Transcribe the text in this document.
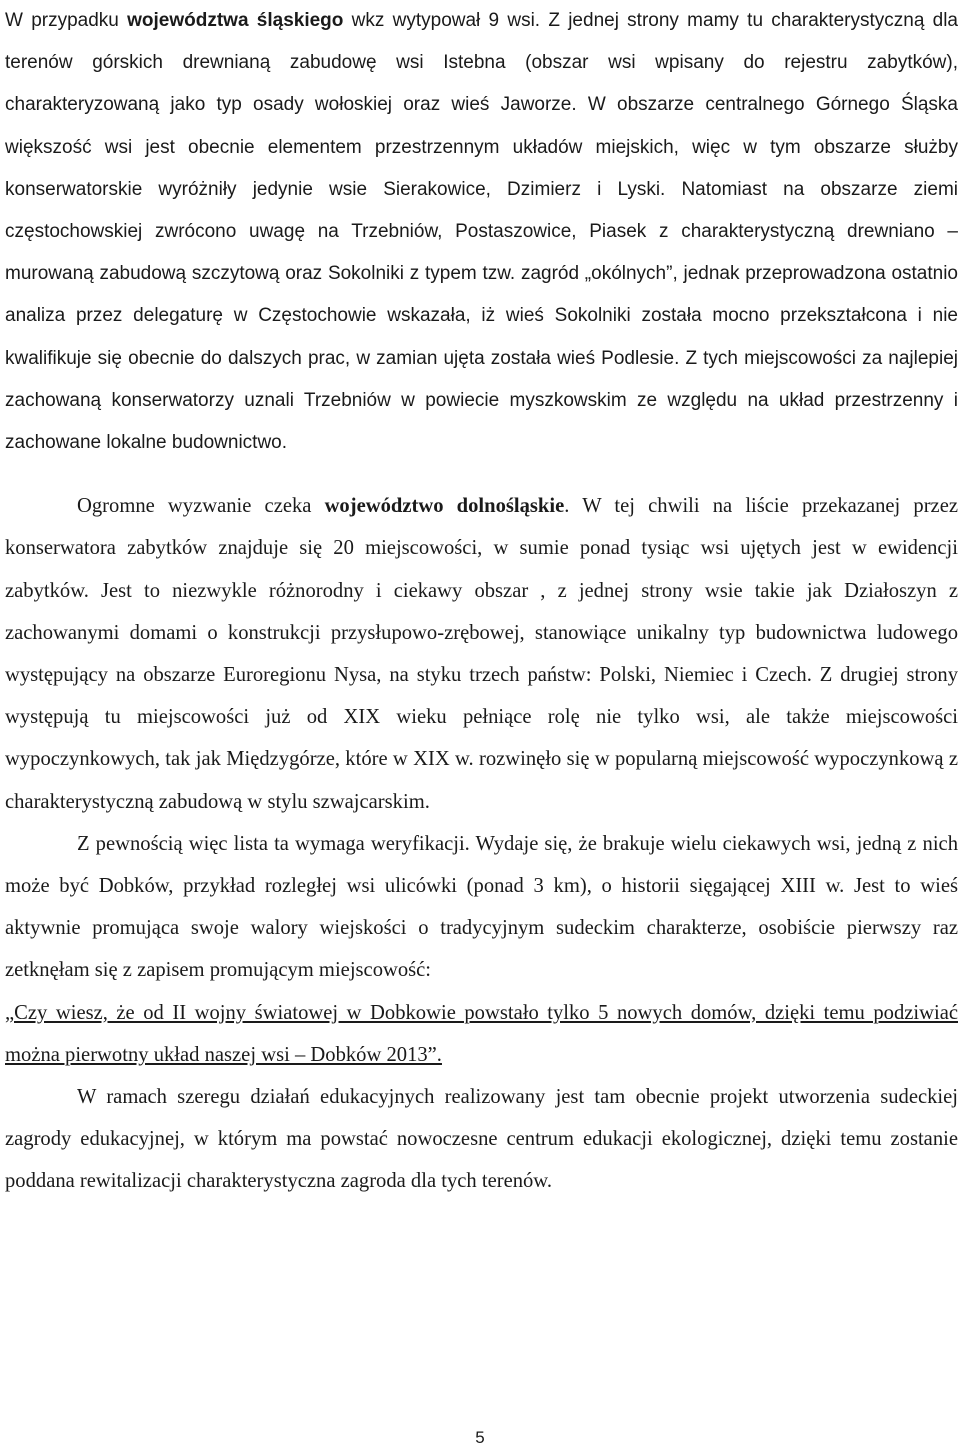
W przypadku województwa śląskiego wkz wytypował 9 wsi. Z jednej strony mamy tu charakterystyczną dla terenów górskich drewnianą zabudowę wsi Istebna (obszar wsi wpisany do rejestru zabytków), charakteryzowaną jako typ osady wołoskiej oraz wieś Jaworze. W obszarze centralnego Górnego Śląska większość wsi jest obecnie elementem przestrzennym układów miejskich, więc w tym obszarze służby konserwatorskie wyróżniły jedynie wsie Sierakowice, Dzimierz i Lyski. Natomiast na obszarze ziemi częstochowskiej zwrócono uwagę na Trzebniów, Postaszowice, Piasek z charakterystyczną drewniano – murowaną zabudową szczytową oraz Sokolniki z typem tzw. zagród „okólnych”, jednak przeprowadzona ostatnio analiza przez delegaturę w Częstochowie wskazała, iż wieś Sokolniki została mocno przekształcona i nie kwalifikuje się obecnie do dalszych prac, w zamian ujęta została wieś Podlesie. Z tych miejscowości za najlepiej zachowaną konserwatorzy uznali Trzebniów w powiecie myszkowskim ze względu na układ przestrzenny i zachowane lokalne budownictwo.

Ogromne wyzwanie czeka województwo dolnośląskie. W tej chwili na liście przekazanej przez konserwatora zabytków znajduje się 20 miejscowości, w sumie ponad tysiąc wsi ujętych jest w ewidencji zabytków. Jest to niezwykle różnorodny i ciekawy obszar , z jednej strony wsie takie jak Działoszyn z zachowanymi domami o konstrukcji przysłupowo-zrębowej, stanowiące unikalny typ budownictwa ludowego występujący na obszarze Euroregionu Nysa, na styku trzech państw: Polski, Niemiec i Czech. Z drugiej strony występują tu miejscowości już od XIX wieku pełniące rolę nie tylko wsi, ale także miejscowości wypoczynkowych, tak jak Międzygórze, które w XIX w. rozwinęło się w popularną miejscowość wypoczynkową z charakterystyczną zabudową w stylu szwajcarskim.

Z pewnością więc lista ta wymaga weryfikacji. Wydaje się, że brakuje wielu ciekawych wsi, jedną z nich może być Dobków, przykład rozległej wsi ulicówki (ponad 3 km), o historii sięgającej XIII w. Jest to wieś aktywnie promująca swoje walory wiejskości o tradycyjnym sudeckim charakterze, osobiście pierwszy raz zetknęłam się z zapisem promującym miejscowość:

„Czy wiesz, że od II wojny światowej w Dobkowie powstało tylko 5 nowych domów, dzięki temu podziwiać można pierwotny układ naszej wsi – Dobków 2013”.

W ramach szeregu działań edukacyjnych realizowany jest tam obecnie projekt utworzenia sudeckiej zagrody edukacyjnej, w którym ma powstać nowoczesne centrum edukacji ekologicznej, dzięki temu zostanie poddana rewitalizacji charakterystyczna zagroda dla tych terenów.

5
